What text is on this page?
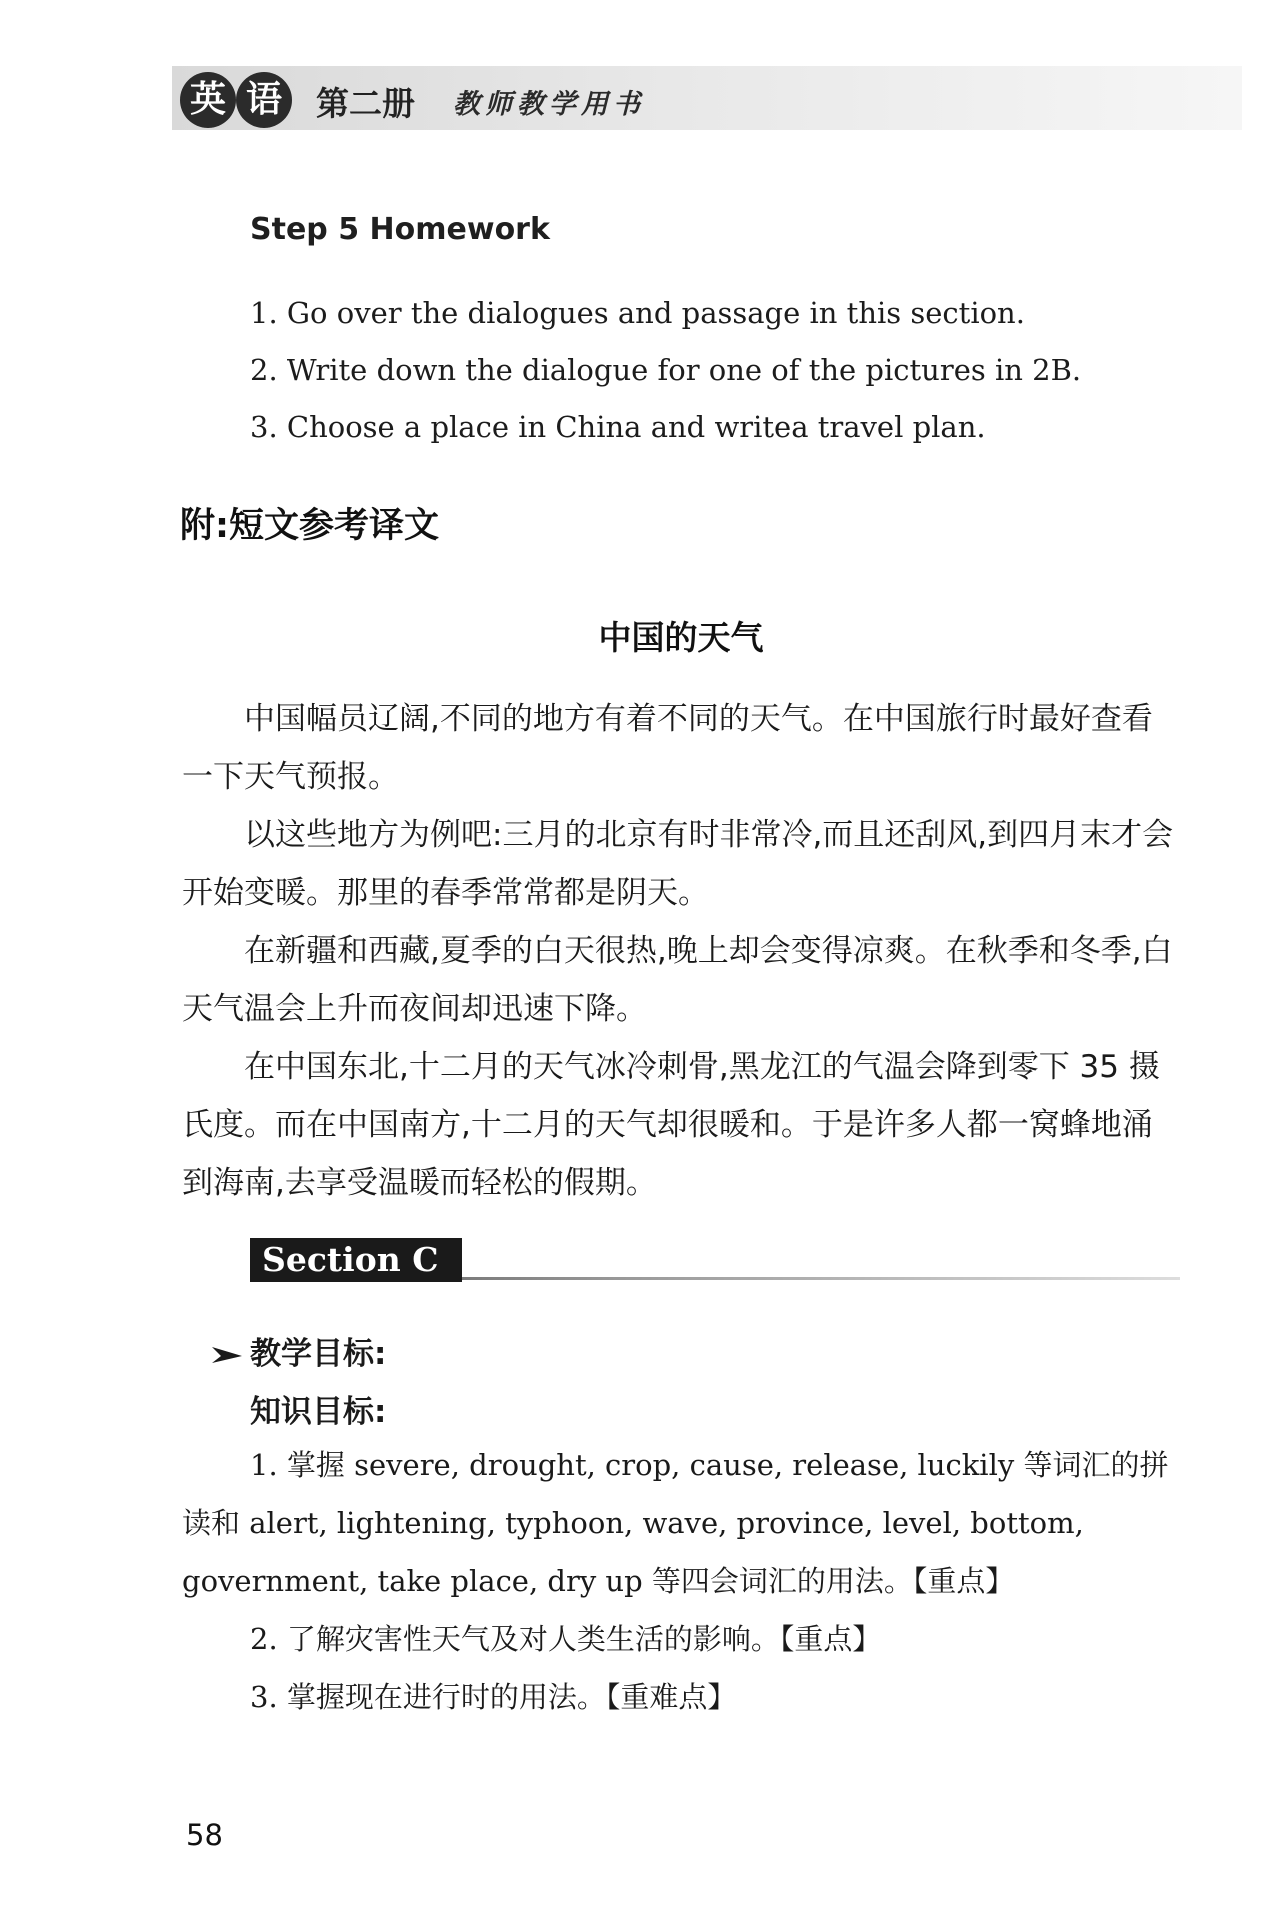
英 语	第二册 教师教学用书
Step 5 Homework
1. Go over the dialogues and passage in this section.
2. Write down the dialogue for one of the pictures in 2B.
3. Choose a place in China and writea travel plan.
附:短文参考译文
中国的天气

中国幅员辽阔,不同的地方有着不同的天气。在中国旅行时最好查看一下天气预报。

以这些地方为例吧:三月的北京有时非常冷,而且还刮风,到四月末才会开始变暖。那里的春季常常都是阴天。

在新疆和西藏,夏季的白天很热,晚上却会变得凉爽。在秋季和冬季,白天气温会上升而夜间却迅速下降。

在中国东北,十二月的天气冰冷刺骨,黑龙江的气温会降到零下 35 摄氏度。而在中国南方,十二月的天气却很暖和。于是许多人都一窝蜂地涌到海南,去享受温暖而轻松的假期。

Section C
教学目标:
知识目标:

1. 掌握 severe, drought, crop, cause, release, luckily 等词汇的拼读和 alert, lightening, typhoon, wave, province, level, bottom, government, take place, dry up 等四会词汇的用法。【重点】

2. 了解灾害性天气及对人类生活的影响。【重点】

3. 掌握现在进行时的用法。【重难点】

58
